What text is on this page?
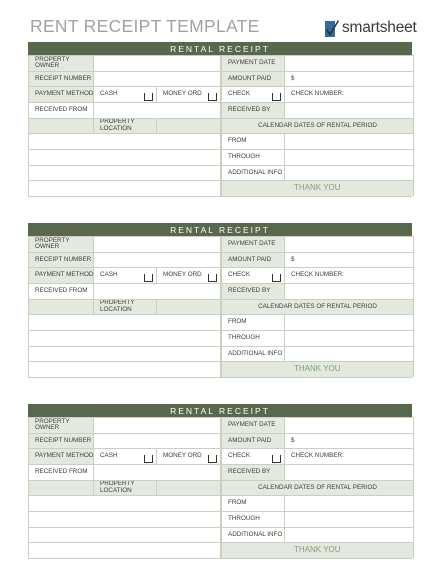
RENT RECEIPT TEMPLATE	smartsheet
RENTAL RECEIPT
PROPERTY OWNER	PAYMENT DATE
RECEIPT NUMBER	AMOUNT PAID	$
PAYMENT METHOD CASH	MONEY ORD	CHECK	CHECK NUMBER:
RECEIVED FROM	RECEIVED BY
PROPERTY LOCATION	CALENDAR DATES OF RENTAL PERIOD
FROM
THROUGH
ADDITIONAL INFO
THANK YOU
RENTAL RECEIPT
PROPERTY OWNER	PAYMENT DATE
RECEIPT NUMBER	AMOUNT PAID	$
PAYMENT METHOD CASH	MONEY ORD	CHECK	CHECK NUMBER:
RECEIVED FROM	RECEIVED BY
PROPERTY LOCATION	CALENDAR DATES OF RENTAL PERIOD
FROM
THROUGH
ADDITIONAL INFO
THANK YOU
RENTAL RECEIPT
PROPERTY OWNER	PAYMENT DATE
RECEIPT NUMBER	AMOUNT PAID	$
PAYMENT METHOD CASH	MONEY ORD	CHECK	CHECK NUMBER:
RECEIVED FROM	RECEIVED BY
PROPERTY LOCATION	CALENDAR DATES OF RENTAL PERIOD
FROM
THROUGH
ADDITIONAL INFO
THANK YOU
